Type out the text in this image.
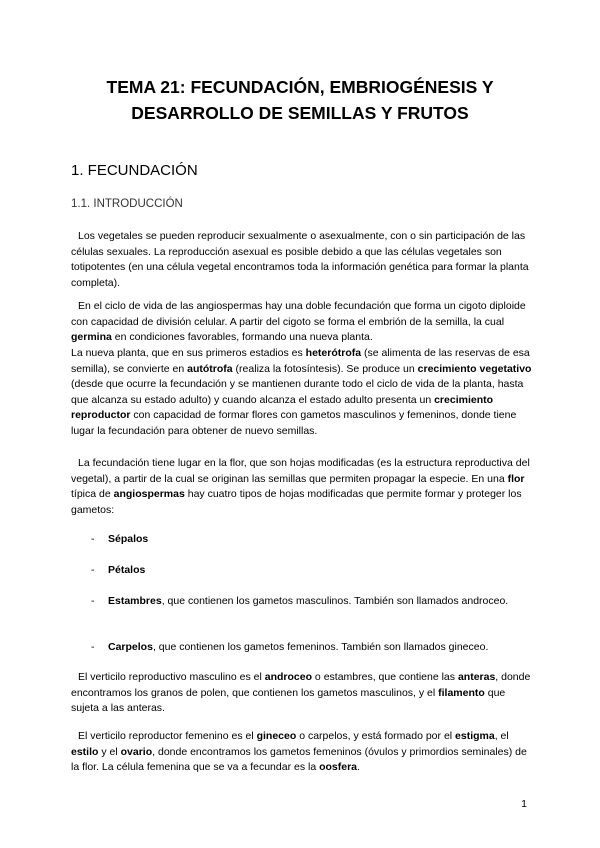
TEMA 21: FECUNDACIÓN, EMBRIOGÉNESIS Y
DESARROLLO DE SEMILLAS Y FRUTOS
1. FECUNDACIÓN
1.1. INTRODUCCIÓN
Los vegetales se pueden reproducir sexualmente o asexualmente, con o sin participación de las células sexuales. La reproducción asexual es posible debido a que las células vegetales son totipotentes (en una célula vegetal encontramos toda la información genética para formar la planta completa).
En el ciclo de vida de las angiospermas hay una doble fecundación que forma un cigoto diploide con capacidad de división celular. A partir del cigoto se forma el embrión de la semilla, la cual germina en condiciones favorables, formando una nueva planta.
La nueva planta, que en sus primeros estadios es heterótrofa (se alimenta de las reservas de esa semilla), se convierte en autótrofa (realiza la fotosíntesis). Se produce un crecimiento vegetativo (desde que ocurre la fecundación y se mantienen durante todo el ciclo de vida de la planta, hasta que alcanza su estado adulto) y cuando alcanza el estado adulto presenta un crecimiento reproductor con capacidad de formar flores con gametos masculinos y femeninos, donde tiene lugar la fecundación para obtener de nuevo semillas.
La fecundación tiene lugar en la flor, que son hojas modificadas (es la estructura reproductiva del vegetal), a partir de la cual se originan las semillas que permiten propagar la especie. En una flor típica de angiospermas hay cuatro tipos de hojas modificadas que permite formar y proteger los gametos:
- Sépalos
- Pétalos
- Estambres, que contienen los gametos masculinos. También son llamados androceo.
- Carpelos, que contienen los gametos femeninos. También son llamados gineceo.
El verticilo reproductivo masculino es el androceo o estambres, que contiene las anteras, donde encontramos los granos de polen, que contienen los gametos masculinos, y el filamento que sujeta a las anteras.
El verticilo reproductor femenino es el gineceo o carpelos, y está formado por el estigma, el estilo y el ovario, donde encontramos los gametos femeninos (óvulos y primordios seminales) de la flor. La célula femenina que se va a fecundar es la oosfera.
1
